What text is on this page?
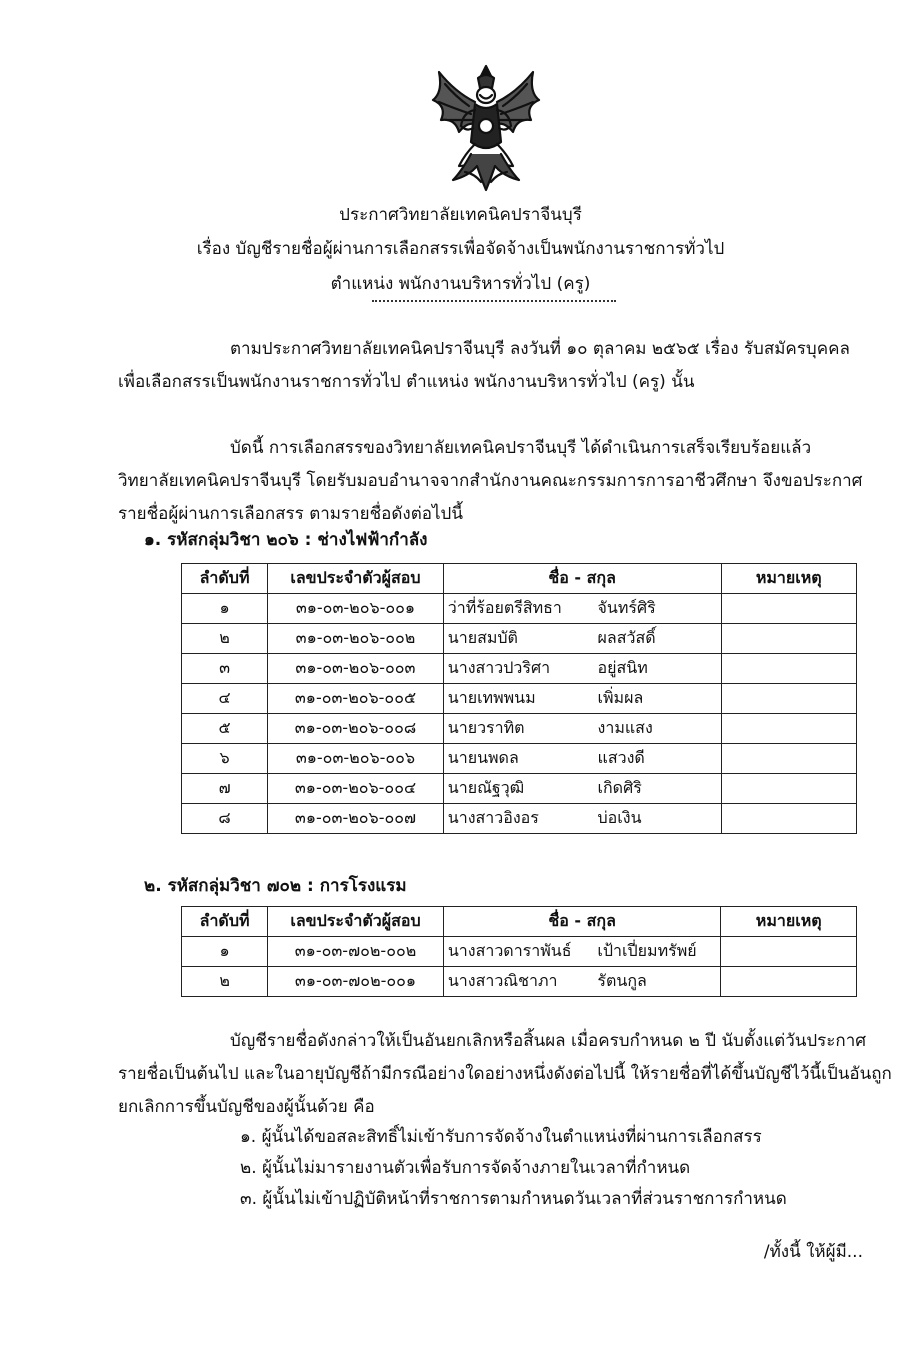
ประกาศวิทยาลัยเทคนิคปราจีนบุรี
เรื่อง บัญชีรายชื่อผู้ผ่านการเลือกสรรเพื่อจัดจ้างเป็นพนักงานราชการทั่วไป
ตำแหน่ง พนักงานบริหารทั่วไป (ครู)
ตามประกาศวิทยาลัยเทคนิคปราจีนบุรี ลงวันที่ ๑๐ ตุลาคม ๒๕๖๕ เรื่อง รับสมัครบุคคล
เพื่อเลือกสรรเป็นพนักงานราชการทั่วไป ตำแหน่ง พนักงานบริหารทั่วไป (ครู) นั้น
บัดนี้ การเลือกสรรของวิทยาลัยเทคนิคปราจีนบุรี ได้ดำเนินการเสร็จเรียบร้อยแล้ว
วิทยาลัยเทคนิคปราจีนบุรี โดยรับมอบอำนาจจากสำนักงานคณะกรรมการการอาชีวศึกษา จึงขอประกาศ
รายชื่อผู้ผ่านการเลือกสรร ตามรายชื่อดังต่อไปนี้
๑. รหัสกลุ่มวิชา ๒๐๖ : ช่างไฟฟ้ากำลัง
ลำดับที่	เลขประจำตัวผู้สอบ	ชื่อ - สกุล		หมายเหตุ
๑	๓๑-๐๓-๒๐๖-๐๐๑	ว่าที่ร้อยตรีสิทธา	จันทร์ศิริ	
๒	๓๑-๐๓-๒๐๖-๐๐๒	นายสมบัติ	ผลสวัสดิ์	
๓	๓๑-๐๓-๒๐๖-๐๐๓	นางสาวปวริศา	อยู่สนิท	
๔	๓๑-๐๓-๒๐๖-๐๐๕	นายเทพพนม	เพิ่มผล	
๕	๓๑-๐๓-๒๐๖-๐๐๘	นายวราทิต	งามแสง	
๖	๓๑-๐๓-๒๐๖-๐๐๖	นายนพดล	แสวงดี	
๗	๓๑-๐๓-๒๐๖-๐๐๔	นายณัฐวุฒิ	เกิดศิริ	
๘	๓๑-๐๓-๒๐๖-๐๐๗	นางสาวอิงอร	บ่อเงิน	
๒. รหัสกลุ่มวิชา ๗๐๒ : การโรงแรม
ลำดับที่	เลขประจำตัวผู้สอบ	ชื่อ - สกุล		หมายเหตุ
๑	๓๑-๐๓-๗๐๒-๐๐๒	นางสาวดาราพันธ์	เป้าเปี่ยมทรัพย์	
๒	๓๑-๐๓-๗๐๒-๐๐๑	นางสาวณิชาภา	รัตนกูล	
บัญชีรายชื่อดังกล่าวให้เป็นอันยกเลิกหรือสิ้นผล เมื่อครบกำหนด ๒ ปี นับตั้งแต่วันประกาศ
รายชื่อเป็นต้นไป และในอายุบัญชีถ้ามีกรณีอย่างใดอย่างหนึ่งดังต่อไปนี้ ให้รายชื่อที่ได้ขึ้นบัญชีไว้นี้เป็นอันถูก
ยกเลิกการขึ้นบัญชีของผู้นั้นด้วย คือ
๑. ผู้นั้นได้ขอสละสิทธิ์ไม่เข้ารับการจัดจ้างในตำแหน่งที่ผ่านการเลือกสรร
๒. ผู้นั้นไม่มารายงานตัวเพื่อรับการจัดจ้างภายในเวลาที่กำหนด
๓. ผู้นั้นไม่เข้าปฏิบัติหน้าที่ราชการตามกำหนดวันเวลาที่ส่วนราชการกำหนด
/ทั้งนี้ ให้ผู้มี...
